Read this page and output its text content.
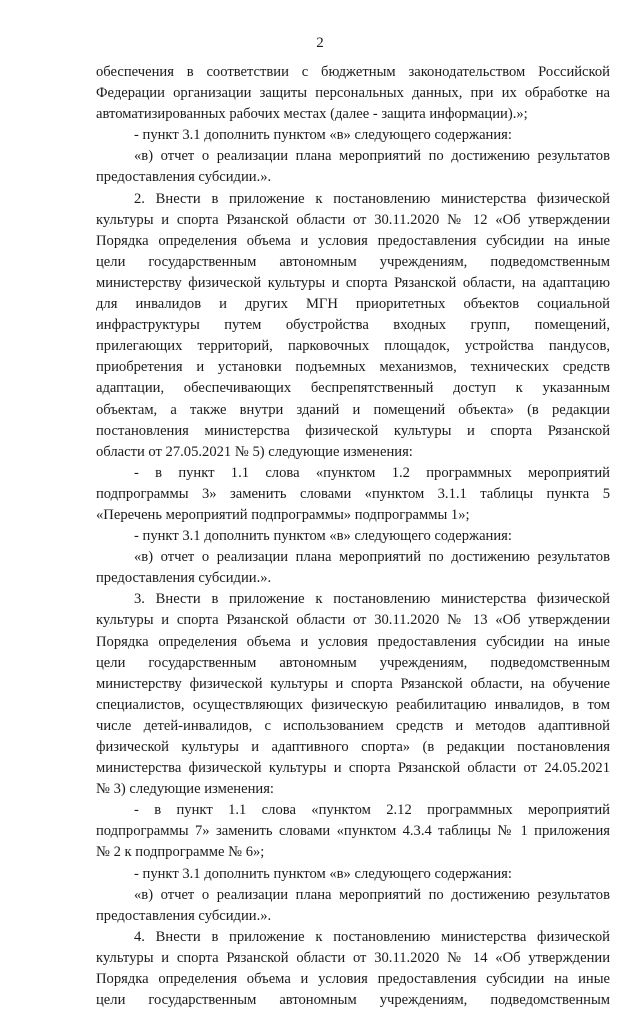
2
обеспечения в соответствии с бюджетным законодательством Российской
Федерации организации защиты персональных данных, при их обработке на
автоматизированных рабочих местах (далее - защита информации).»;
- пункт 3.1 дополнить пунктом «в» следующего содержания:
«в) отчет о реализации плана мероприятий по достижению результатов
предоставления субсидии.».
2. Внести в приложение к постановлению министерства физической
культуры и спорта Рязанской области от 30.11.2020 № 12 «Об утверждении
Порядка определения объема и условия предоставления субсидии на иные
цели государственным автономным учреждениям, подведомственным
министерству физической культуры и спорта Рязанской области, на адаптацию
для инвалидов и других МГН приоритетных объектов социальной
инфраструктуры путем обустройства входных групп, помещений,
прилегающих территорий, парковочных площадок, устройства пандусов,
приобретения и установки подъемных механизмов, технических средств
адаптации, обеспечивающих беспрепятственный доступ к указанным
объектам, а также внутри зданий и помещений объекта» (в редакции
постановления министерства физической культуры и спорта Рязанской
области от 27.05.2021 № 5) следующие изменения:
- в пункт 1.1 слова «пунктом 1.2 программных мероприятий
подпрограммы 3» заменить словами «пунктом 3.1.1 таблицы пункта 5
«Перечень мероприятий подпрограммы» подпрограммы 1»;
- пункт 3.1 дополнить пунктом «в» следующего содержания:
«в) отчет о реализации плана мероприятий по достижению результатов
предоставления субсидии.».
3. Внести в приложение к постановлению министерства физической
культуры и спорта Рязанской области от 30.11.2020 № 13 «Об утверждении
Порядка определения объема и условия предоставления субсидии на иные
цели государственным автономным учреждениям, подведомственным
министерству физической культуры и спорта Рязанской области, на обучение
специалистов, осуществляющих физическую реабилитацию инвалидов, в том
числе детей-инвалидов, с использованием средств и методов адаптивной
физической культуры и адаптивного спорта» (в редакции постановления
министерства физической культуры и спорта Рязанской области от 24.05.2021
№ 3) следующие изменения:
- в пункт 1.1 слова «пунктом 2.12 программных мероприятий
подпрограммы 7» заменить словами «пунктом 4.3.4 таблицы № 1 приложения
№ 2 к подпрограмме № 6»;
- пункт 3.1 дополнить пунктом «в» следующего содержания:
«в) отчет о реализации плана мероприятий по достижению результатов
предоставления субсидии.».
4. Внести в приложение к постановлению министерства физической
культуры и спорта Рязанской области от 30.11.2020 № 14 «Об утверждении
Порядка определения объема и условия предоставления субсидии на иные
цели государственным автономным учреждениям, подведомственным
